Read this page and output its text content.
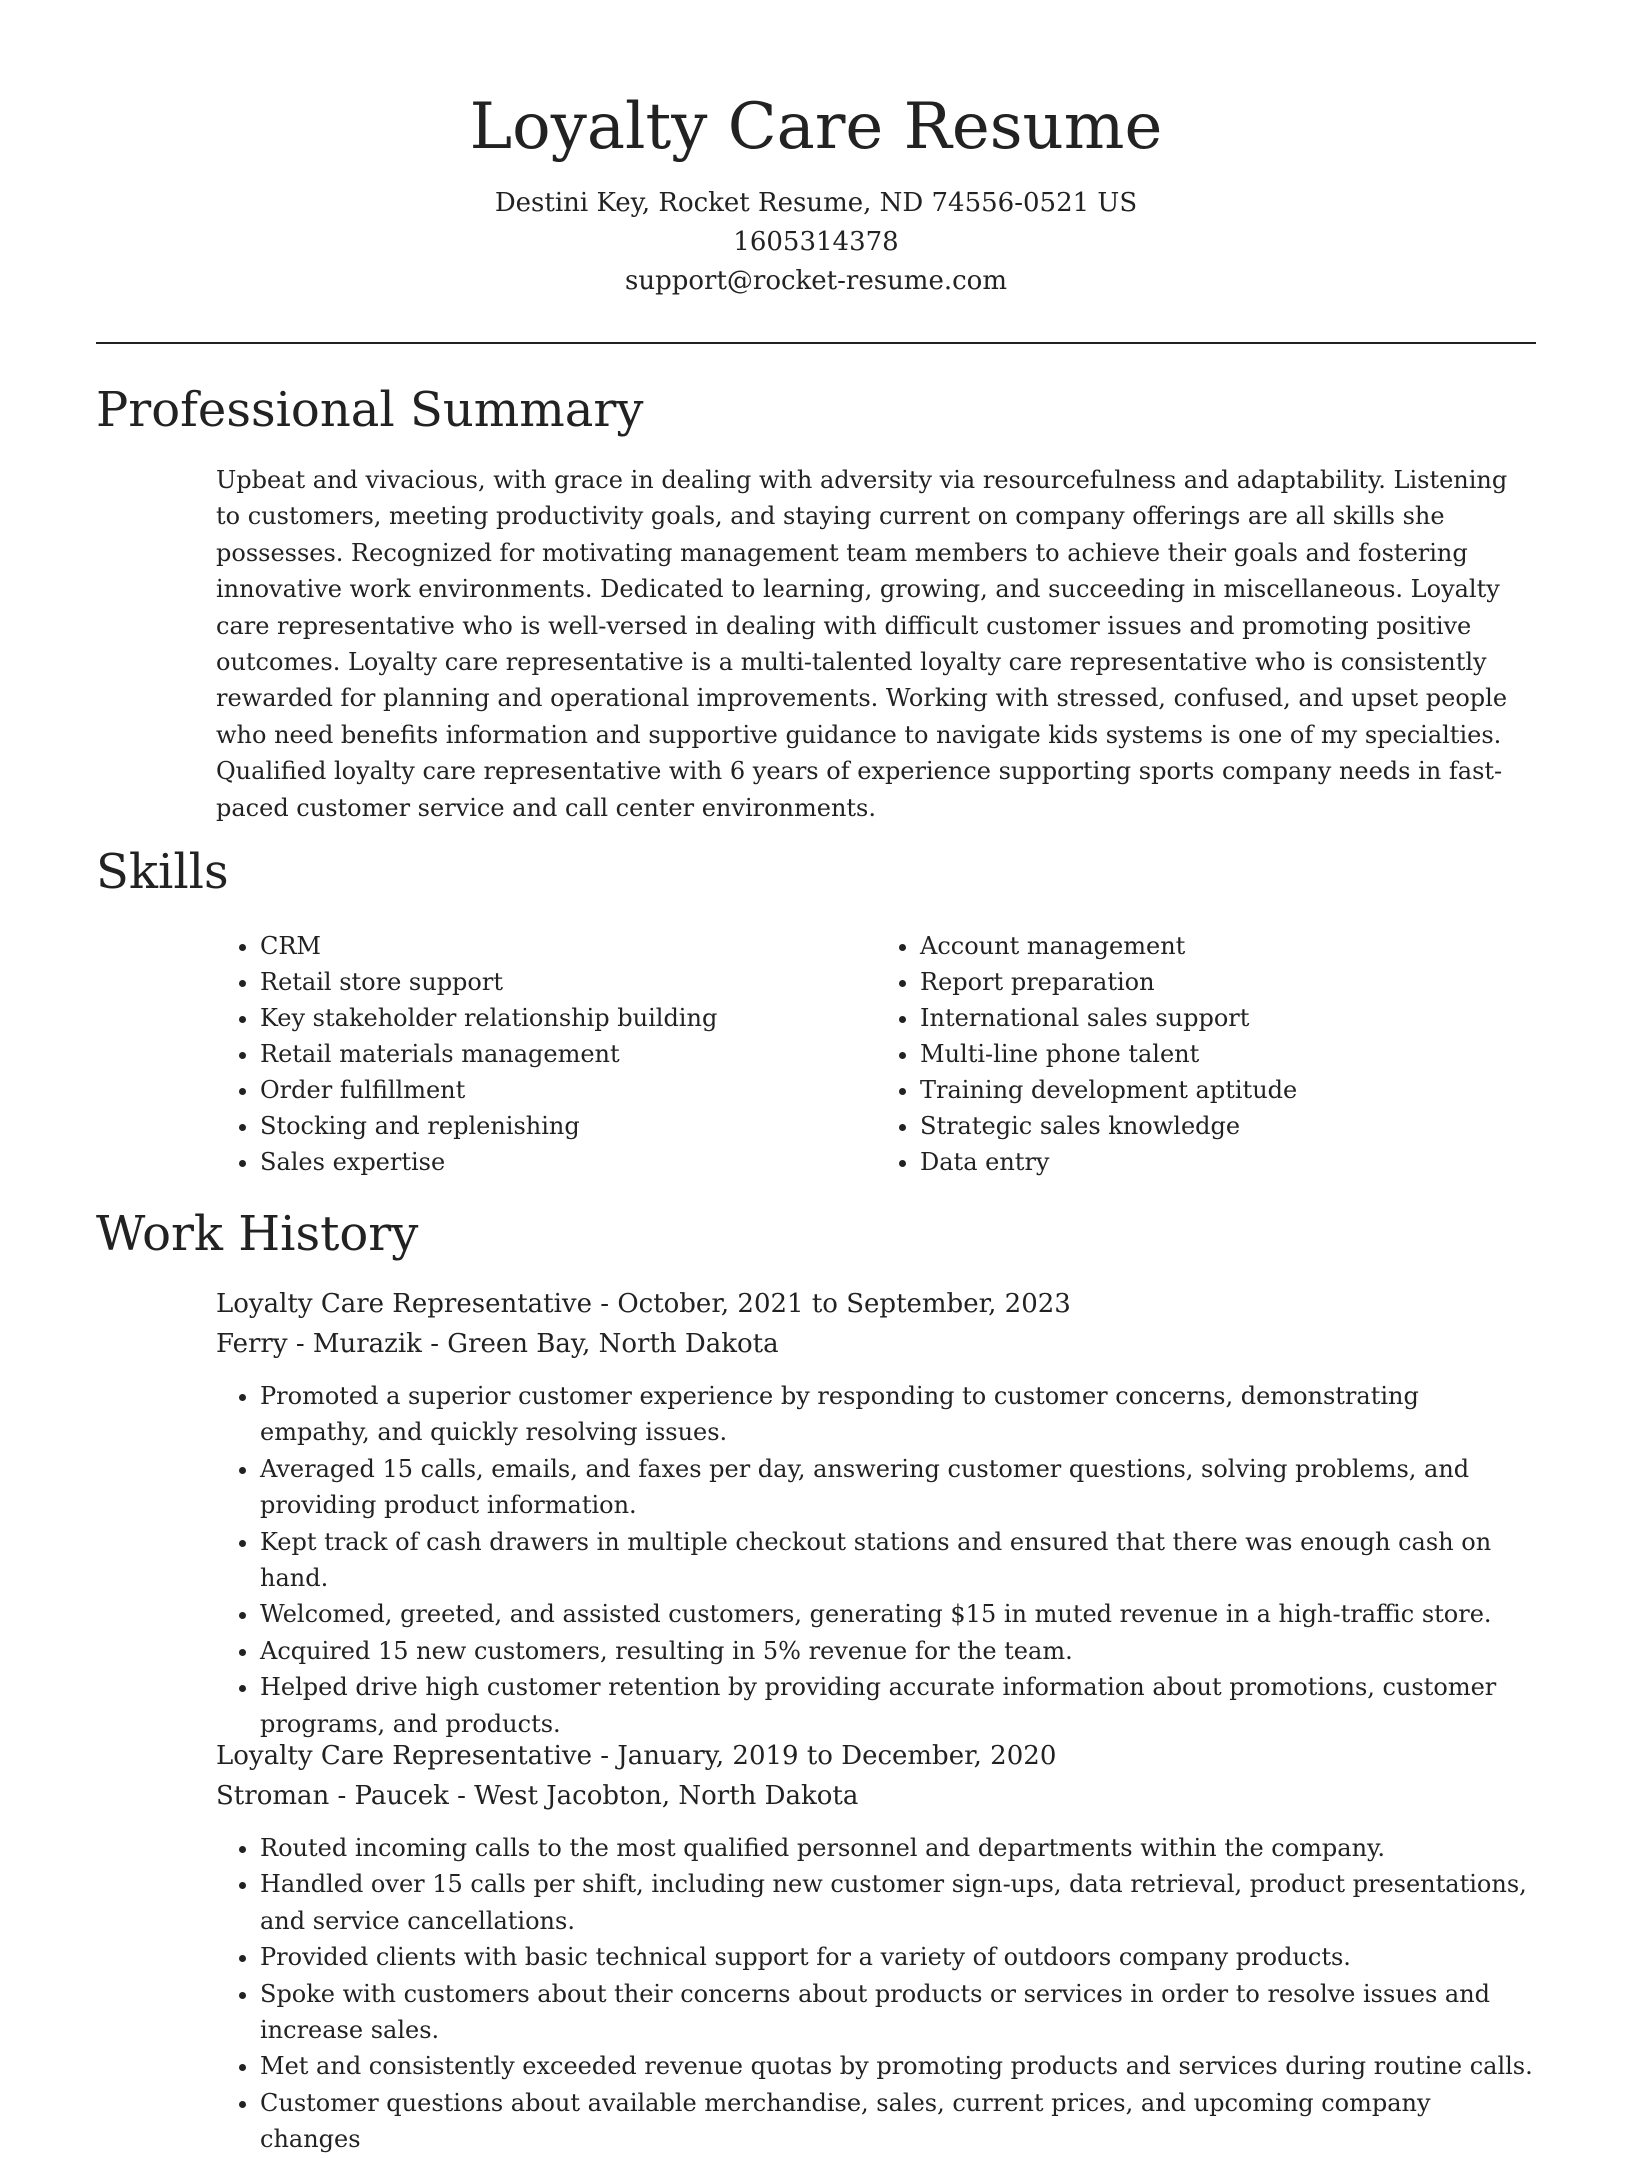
Loyalty Care Resume
Destini Key, Rocket Resume, ND 74556-0521 US
1605314378
support@rocket-resume.com
Professional Summary

Upbeat and vivacious, with grace in dealing with adversity via resourcefulness and adaptability. Listening to customers, meeting productivity goals, and staying current on company offerings are all skills she possesses. Recognized for motivating management team members to achieve their goals and fostering innovative work environments. Dedicated to learning, growing, and succeeding in miscellaneous. Loyalty care representative who is well-versed in dealing with difficult customer issues and promoting positive outcomes. Loyalty care representative is a multi-talented loyalty care representative who is consistently rewarded for planning and operational improvements. Working with stressed, confused, and upset people who need benefits information and supportive guidance to navigate kids systems is one of my specialties. Qualified loyalty care representative with 6 years of experience supporting sports company needs in fast-paced customer service and call center environments.

Skills
• CRM
• Retail store support
• Key stakeholder relationship building
• Retail materials management
• Order fulfillment
• Stocking and replenishing
• Sales expertise
• Account management
• Report preparation
• International sales support
• Multi-line phone talent
• Training development aptitude
• Strategic sales knowledge
• Data entry
Work History
Loyalty Care Representative - October, 2021 to September, 2023
Ferry - Murazik - Green Bay, North Dakota
• Promoted a superior customer experience by responding to customer concerns, demonstrating empathy, and quickly resolving issues.
• Averaged 15 calls, emails, and faxes per day, answering customer questions, solving problems, and providing product information.
• Kept track of cash drawers in multiple checkout stations and ensured that there was enough cash on hand.
• Welcomed, greeted, and assisted customers, generating $15 in muted revenue in a high-traffic store.
• Acquired 15 new customers, resulting in 5% revenue for the team.
• Helped drive high customer retention by providing accurate information about promotions, customer programs, and products.
Loyalty Care Representative - January, 2019 to December, 2020
Stroman - Paucek - West Jacobton, North Dakota
• Routed incoming calls to the most qualified personnel and departments within the company.
• Handled over 15 calls per shift, including new customer sign-ups, data retrieval, product presentations, and service cancellations.
• Provided clients with basic technical support for a variety of outdoors company products.
• Spoke with customers about their concerns about products or services in order to resolve issues and increase sales.
• Met and consistently exceeded revenue quotas by promoting products and services during routine calls.
• Customer questions about available merchandise, sales, current prices, and upcoming company changes
